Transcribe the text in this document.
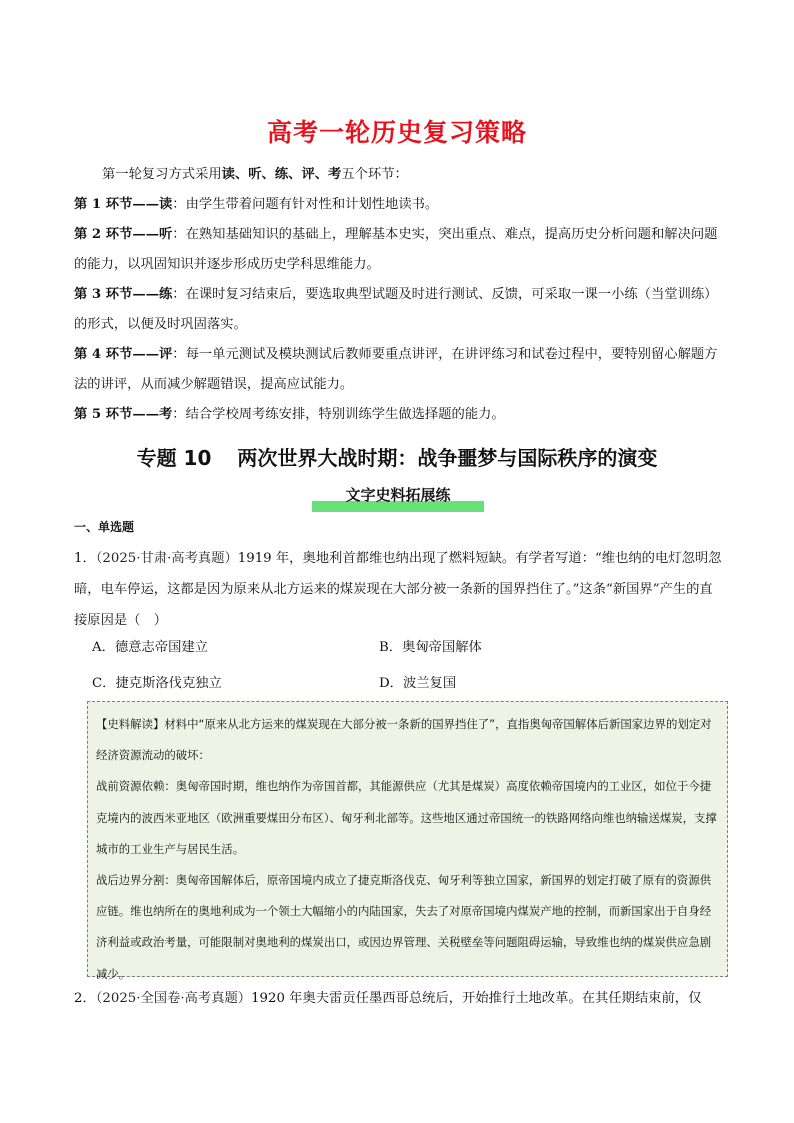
高考一轮历史复习策略

第一轮复习方式采用读、听、练、评、考五个环节：

第 1 环节——读：由学生带着问题有针对性和计划性地读书。

第 2 环节——听：在熟知基础知识的基础上，理解基本史实，突出重点、难点，提高历史分析问题和解决问题的能力，以巩固知识并逐步形成历史学科思维能力。

第 3 环节——练：在课时复习结束后，要选取典型试题及时进行测试、反馈，可采取一课一小练（当堂训练）的形式，以便及时巩固落实。

第 4 环节——评：每一单元测试及模块测试后教师要重点讲评，在讲评练习和试卷过程中，要特别留心解题方法的讲评，从而减少解题错误，提高应试能力。

第 5 环节——考：结合学校周考练安排，特别训练学生做选择题的能力。

专题 10 两次世界大战时期：战争噩梦与国际秩序的演变
文字史料拓展练
一、单选题

1．（2025·甘肃·高考真题）1919 年，奥地利首都维也纳出现了燃料短缺。有学者写道：“维也纳的电灯忽明忽暗，电车停运，这都是因为原来从北方运来的煤炭现在大部分被一条新的国界挡住了。”这条“新国界”产生的直接原因是（　）

A．德意志帝国建立	B．奥匈帝国解体
C．捷克斯洛伐克独立	D．波兰复国

【史料解读】材料中“原来从北方运来的煤炭现在大部分被一条新的国界挡住了”，直指奥匈帝国解体后新国家边界的划定对经济资源流动的破坏：

战前资源依赖：奥匈帝国时期，维也纳作为帝国首都，其能源供应（尤其是煤炭）高度依赖帝国境内的工业区，如位于今捷克境内的波西米亚地区（欧洲重要煤田分布区）、匈牙利北部等。这些地区通过帝国统一的铁路网络向维也纳输送煤炭，支撑城市的工业生产与居民生活。

战后边界分割：奥匈帝国解体后，原帝国境内成立了捷克斯洛伐克、匈牙利等独立国家，新国界的划定打破了原有的资源供应链。维也纳所在的奥地利成为一个领土大幅缩小的内陆国家，失去了对原帝国境内煤炭产地的控制，而新国家出于自身经济利益或政治考量，可能限制对奥地利的煤炭出口，或因边界管理、关税壁垒等问题阻碍运输，导致维也纳的煤炭供应急剧减少。

2．（2025·全国卷·高考真题）1920 年奥夫雷贡任墨西哥总统后，开始推行土地改革。在其任期结束前，仅
